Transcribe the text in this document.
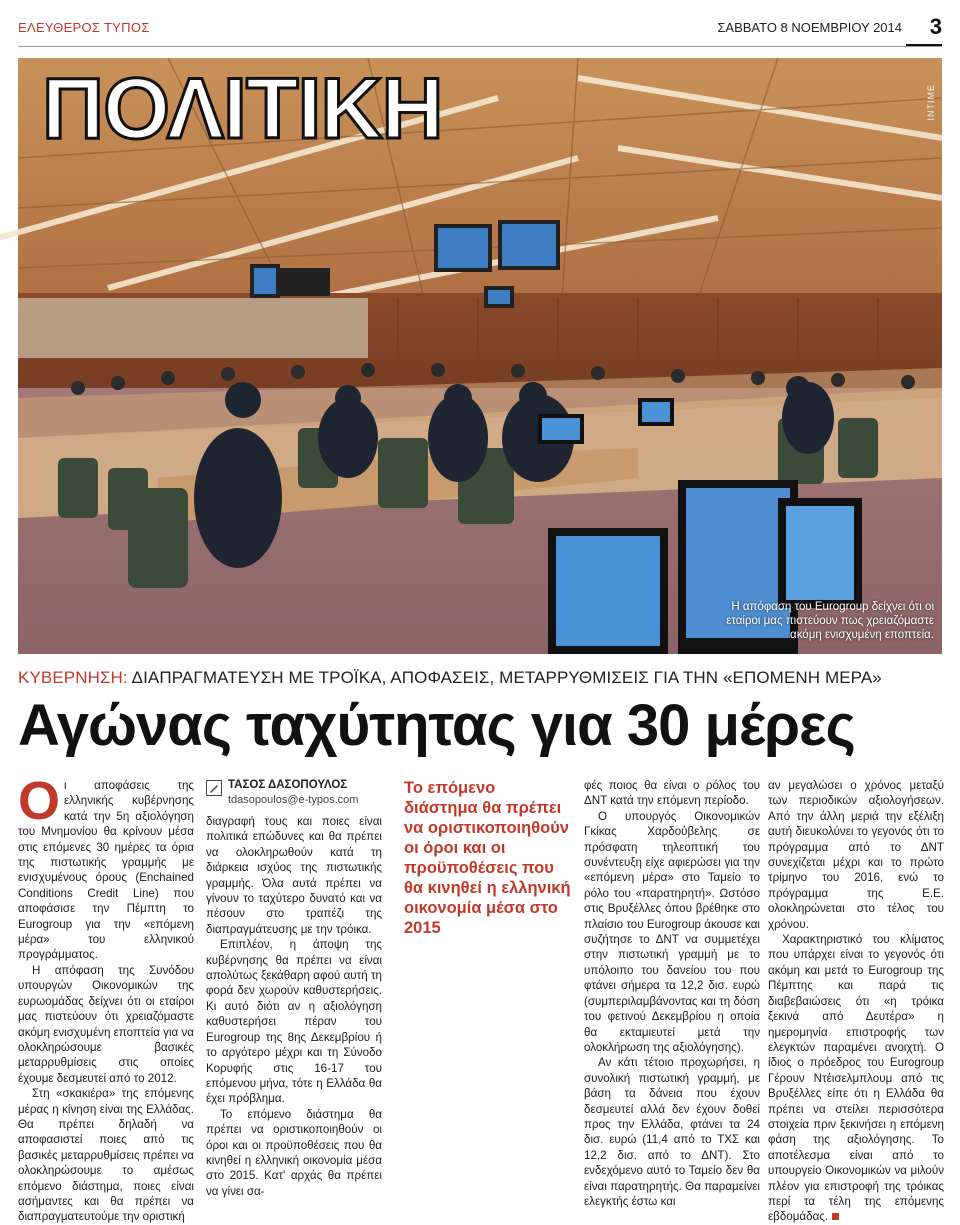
ΕΛΕΥΘΕΡΟΣ ΤΥΠΟΣ	ΣΑΒΒΑΤΟ 8 ΝΟΕΜΒΡΙΟΥ 2014 3
ΠΟΛΙΤΙΚΗ	INTIME
Η απόφαση του Eurogroup δείχνει ότι οι εταίροι μας πιστεύουν πως χρειαζόμαστε ακόμη ενισχυμένη εποπτεία.
ΚΥΒΕΡΝΗΣΗ: ΔΙΑΠΡΑΓΜΑΤΕΥΣΗ ΜΕ ΤΡΟΪΚΑ, ΑΠΟΦΑΣΕΙΣ, ΜΕΤΑΡΡΥΘΜΙΣΕΙΣ ΓΙΑ ΤΗΝ «ΕΠΟΜΕΝΗ ΜΕΡΑ»
Αγώνας ταχύτητας για 30 μέρες

Οι αποφάσεις της ελληνικής κυβέρνησης κατά την 5η αξιολόγηση του Μνημονίου θα κρίνουν μέσα στις επόμενες 30 ημέρες τα όρια της πιστωτικής γραμμής με ενισχυμένους όρους (Enchained Conditions Credit Line) που αποφάσισε την Πέμπτη το Eurogroup για την «επόμενη μέρα» του ελληνικού προγράμματος.

Η απόφαση της Συνόδου υπουργών Οικονομικών της ευρωομάδας δείχνει ότι οι εταίροι μας πιστεύουν ότι χρειαζόμαστε ακόμη ενισχυμένη εποπτεία για να ολοκληρώσουμε βασικές μεταρρυθμίσεις στις οποίες έχουμε δεσμευτεί από το 2012.

Στη «σκακιέρα» της επόμενης μέρας η κίνηση είναι της Ελλάδας. Θα πρέπει δηλαδή να αποφασιστεί ποιες από τις βασικές μεταρρυθμίσεις πρέπει να ολοκληρώσουμε το αμέσως επόμενο διάστημα, ποιες είναι ασήμαντες και θα πρέπει να διαπραγματευτούμε την οριστική

ΤΑΣΟΣ ΔΑΣΟΠΟΥΛΟΣ
tdasopoulos@e-typos.com

διαγραφή τους και ποιες είναι πολιτικά επώδυνες και θα πρέπει να ολοκληρωθούν κατά τη διάρκεια ισχύος της πιστωτικής γραμμής. Όλα αυτά πρέπει να γίνουν το ταχύτερο δυνατό και να πέσουν στο τραπέζι της διαπραγμάτευσης με την τρόικα.

Επιπλέον, η άποψη της κυβέρνησης θα πρέπει να είναι απολύτως ξεκάθαρη αφού αυτή τη φορά δεν χωρούν καθυστερήσεις. Κι αυτό διότι αν η αξιολόγηση καθυστερήσει πέραν του Eurogroup της 8ης Δεκεμβρίου ή το αργότερο μέχρι και τη Σύνοδο Κορυφής στις 16-17 του επόμενου μήνα, τότε η Ελλάδα θα έχει πρόβλημα.

Το επόμενο διάστημα θα πρέπει να οριστικοποιηθούν οι όροι και οι προϋποθέσεις που θα κινηθεί η ελληνική οικονομία μέσα στο 2015. Κατ' αρχάς θα πρέπει να γίνει σα-

Το επόμενο διάστημα θα πρέπει να οριστικοποιηθούν οι όροι και οι προϋποθέσεις που θα κινηθεί η ελληνική οικονομία μέσα στο 2015

φές ποιος θα είναι ο ρόλος του ΔΝΤ κατά την επόμενη περίοδο.

Ο υπουργός Οικονομικών Γκίκας Χαρδούβελης σε πρόσφατη τηλεοπτική του συνέντευξη είχε αφιερώσει για την «επόμενη μέρα» στο Ταμείο το ρόλο του «παρατηρητή». Ωστόσο στις Βρυξέλλες όπου βρέθηκε στο πλαίσιο του Eurogroup άκουσε και συζήτησε το ΔΝΤ να συμμετέχει στην πιστωτική γραμμή με το υπόλοιπο του δανείου του που φτάνει σήμερα τα 12,2 δισ. ευρώ (συμπεριλαμβάνοντας και τη δόση του φετινού Δεκεμβρίου η οποία θα εκταμιευτεί μετά την ολοκλήρωση της αξιολόγησης).

Αν κάτι τέτοιο προχωρήσει, η συνολική πιστωτική γραμμή, με βάση τα δάνεια που έχουν δεσμευτεί αλλά δεν έχουν δοθεί προς την Ελλάδα, φτάνει τα 24 δισ. ευρώ (11,4 από το ΤΧΣ και 12,2 δισ. από το ΔΝΤ). Στο ενδεχόμενο αυτό το Ταμείο δεν θα είναι παρατηρητής. Θα παραμείνει ελεγκτής έστω και

αν μεγαλώσει ο χρόνος μεταξύ των περιοδικών αξιολογήσεων. Από την άλλη μεριά την εξέλιξη αυτή διευκολύνει το γεγονός ότι το πρόγραμμα από το ΔΝΤ συνεχίζεται μέχρι και το πρώτο τρίμηνο του 2016, ενώ το πρόγραμμα της Ε.Ε. ολοκληρώνεται στο τέλος του χρόνου.

Χαρακτηριστικό του κλίματος που υπάρχει είναι το γεγονός ότι ακόμη και μετά το Eurogroup της Πέμπτης και παρά τις διαβεβαιώσεις ότι «η τρόικα ξεκινά από Δευτέρα» η ημερομηνία επιστροφής των ελεγκτών παραμένει ανοιχτή. Ο ίδιος ο πρόεδρος του Eurogroup Γέρουν Ντέισελμπλουμ από τις Βρυξέλλες είπε ότι η Ελλάδα θα πρέπει να στείλει περισσότερα στοιχεία πριν ξεκινήσει η επόμενη φάση της αξιολόγησης. Το αποτέλεσμα είναι από το υπουργείο Οικονομικών να μιλούν πλέον για επιστροφή της τρόικας περί τα τέλη της επόμενης εβδομάδας.
